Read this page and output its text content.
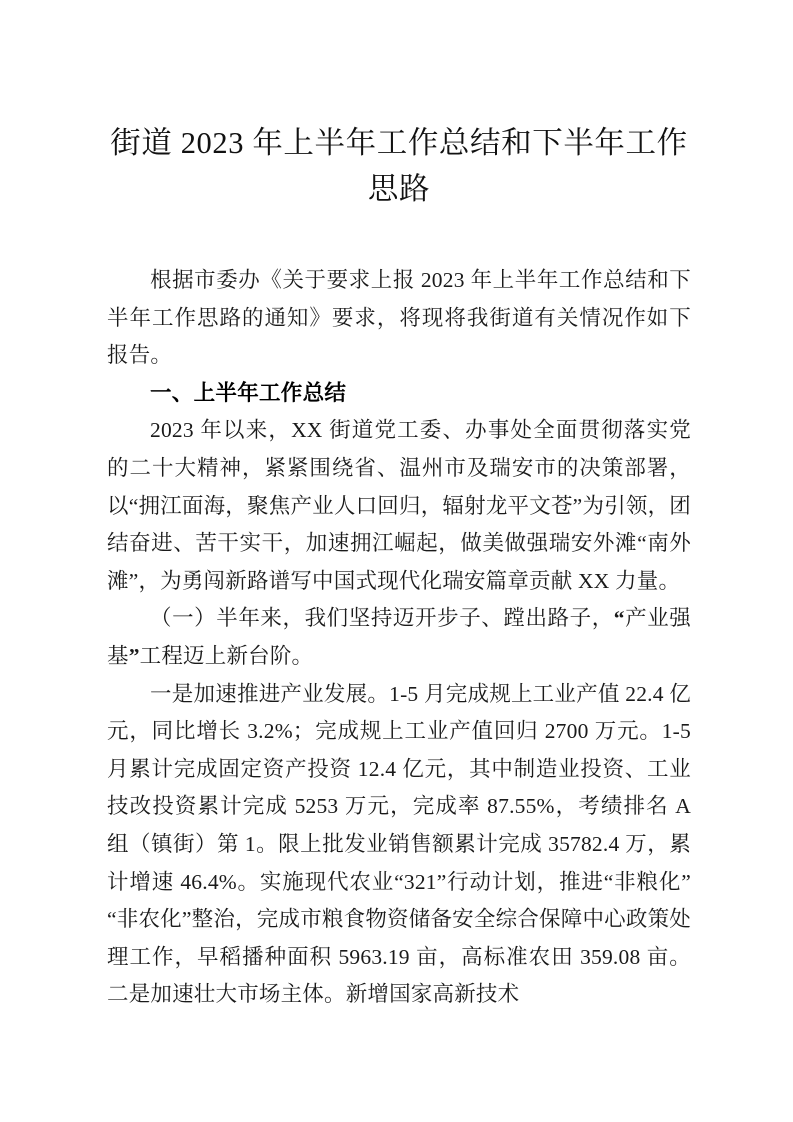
街道 2023 年上半年工作总结和下半年工作
思路

根据市委办《关于要求上报 2023 年上半年工作总结和下半年工作思路的通知》要求，将现将我街道有关情况作如下报告。

一、上半年工作总结

2023 年以来，XX 街道党工委、办事处全面贯彻落实党的二十大精神，紧紧围绕省、温州市及瑞安市的决策部署，以“拥江面海，聚焦产业人口回归，辐射龙平文苍”为引领，团结奋进、苦干实干，加速拥江崛起，做美做强瑞安外滩“南外滩”，为勇闯新路谱写中国式现代化瑞安篇章贡献 XX 力量。

（一）半年来，我们坚持迈开步子、蹚出路子，“产业强基”工程迈上新台阶。

一是加速推进产业发展。1-5 月完成规上工业产值 22.4 亿元，同比增长 3.2%；完成规上工业产值回归 2700 万元。1-5 月累计完成固定资产投资 12.4 亿元，其中制造业投资、工业技改投资累计完成 5253 万元，完成率 87.55%，考绩排名 A 组（镇街）第 1。限上批发业销售额累计完成 35782.4 万，累计增速 46.4%。实施现代农业“321”行动计划，推进“非粮化”“非农化”整治，完成市粮食物资储备安全综合保障中心政策处理工作，早稻播种面积 5963.19 亩，高标准农田 359.08 亩。二是加速壮大市场主体。新增国家高新技术
